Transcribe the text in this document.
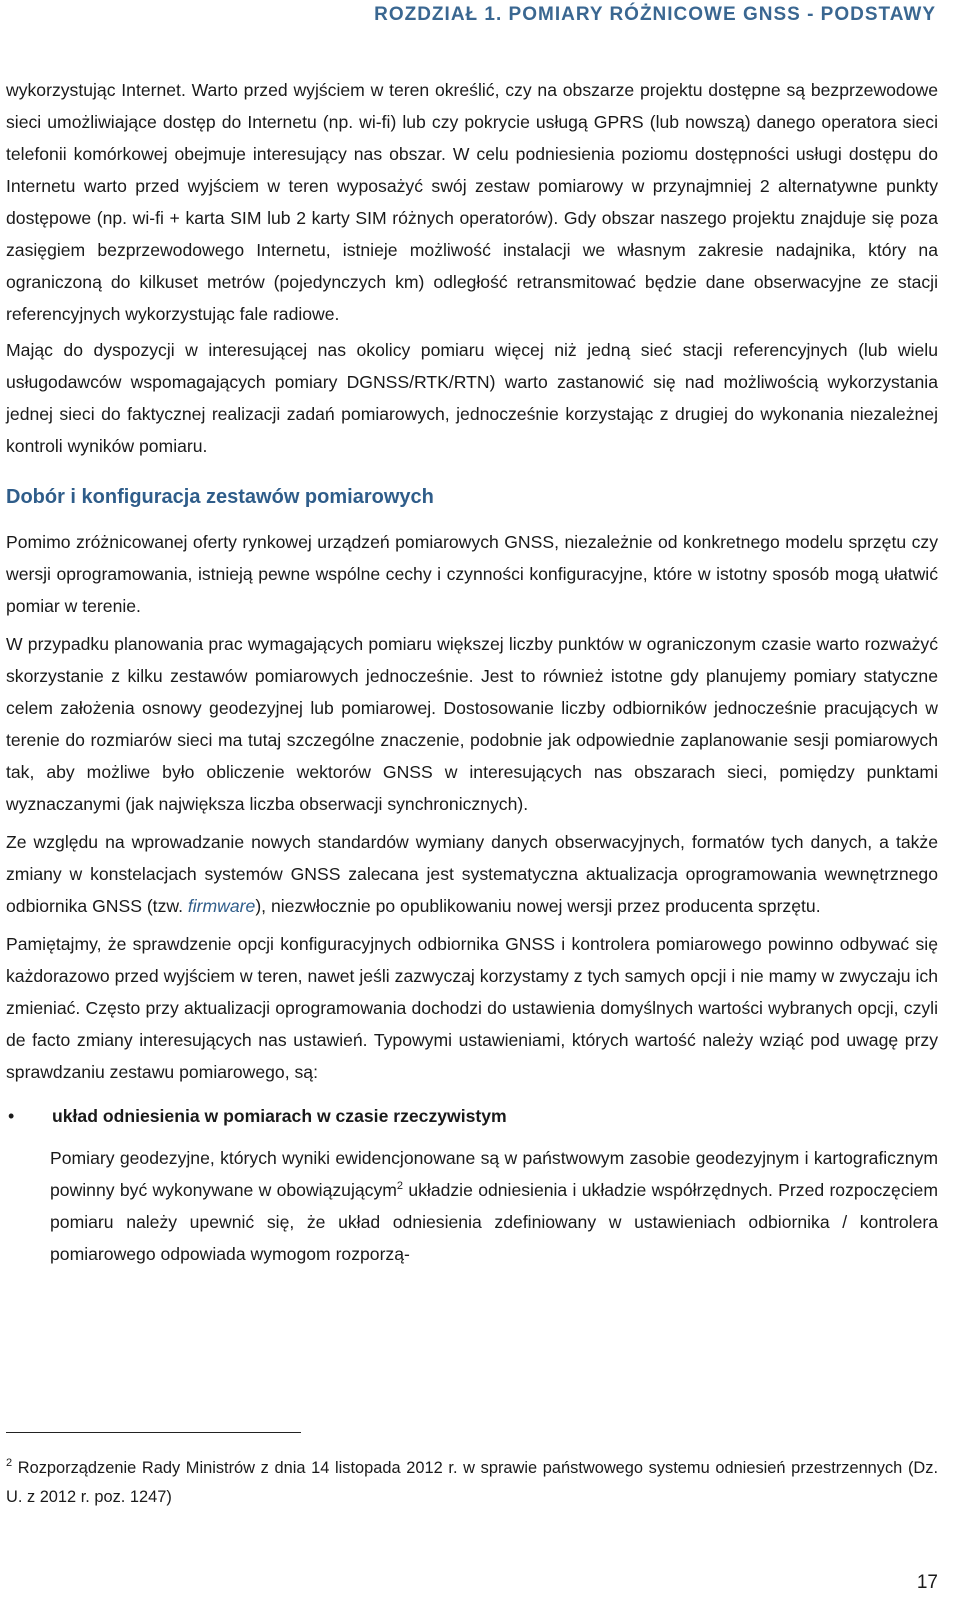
ROZDZIAŁ 1. POMIARY RÓŻNICOWE GNSS - PODSTAWY

wykorzystując Internet. Warto przed wyjściem w teren określić, czy na obszarze projektu dostępne są bezprzewodowe sieci umożliwiające dostęp do Internetu (np. wi-fi) lub czy pokrycie usługą GPRS (lub nowszą) danego operatora sieci telefonii komórkowej obejmuje interesujący nas obszar. W celu podniesienia poziomu dostępności usługi dostępu do Internetu warto przed wyjściem w teren wyposażyć swój zestaw pomiarowy w przynajmniej 2 alternatywne punkty dostępowe (np. wi-fi + karta SIM lub 2 karty SIM różnych operatorów). Gdy obszar naszego projektu znajduje się poza zasięgiem bezprzewodowego Internetu, istnieje możliwość instalacji we własnym zakresie nadajnika, który na ograniczoną do kilkuset metrów (pojedynczych km) odległość retransmitować będzie dane obserwacyjne ze stacji referencyjnych wykorzystując fale radiowe.

Mając do dyspozycji w interesującej nas okolicy pomiaru więcej niż jedną sieć stacji referencyjnych (lub wielu usługodawców wspomagających pomiary DGNSS/RTK/RTN) warto zastanowić się nad możliwością wykorzystania jednej sieci do faktycznej realizacji zadań pomiarowych, jednocześnie korzystając z drugiej do wykonania niezależnej kontroli wyników pomiaru.

Dobór i konfiguracja zestawów pomiarowych

Pomimo zróżnicowanej oferty rynkowej urządzeń pomiarowych GNSS, niezależnie od konkretnego modelu sprzętu czy wersji oprogramowania, istnieją pewne wspólne cechy i czynności konfiguracyjne, które w istotny sposób mogą ułatwić pomiar w terenie.

W przypadku planowania prac wymagających pomiaru większej liczby punktów w ograniczonym czasie warto rozważyć skorzystanie z kilku zestawów pomiarowych jednocześnie. Jest to również istotne gdy planujemy pomiary statyczne celem założenia osnowy geodezyjnej lub pomiarowej. Dostosowanie liczby odbiorników jednocześnie pracujących w terenie do rozmiarów sieci ma tutaj szczególne znaczenie, podobnie jak odpowiednie zaplanowanie sesji pomiarowych tak, aby możliwe było obliczenie wektorów GNSS w interesujących nas obszarach sieci, pomiędzy punktami wyznaczanymi (jak największa liczba obserwacji synchronicznych).

Ze względu na wprowadzanie nowych standardów wymiany danych obserwacyjnych, formatów tych danych, a także zmiany w konstelacjach systemów GNSS zalecana jest systematyczna aktualizacja oprogramowania wewnętrznego odbiornika GNSS (tzw. firmware), niezwłocznie po opublikowaniu nowej wersji przez producenta sprzętu.

Pamiętajmy, że sprawdzenie opcji konfiguracyjnych odbiornika GNSS i kontrolera pomiarowego powinno odbywać się każdorazowo przed wyjściem w teren, nawet jeśli zazwyczaj korzystamy z tych samych opcji i nie mamy w zwyczaju ich zmieniać. Często przy aktualizacji oprogramowania dochodzi do ustawienia domyślnych wartości wybranych opcji, czyli de facto zmiany interesujących nas ustawień. Typowymi ustawieniami, których wartość należy wziąć pod uwagę przy sprawdzaniu zestawu pomiarowego, są:

•	układ odniesienia w pomiarach w czasie rzeczywistym

Pomiary geodezyjne, których wyniki ewidencjonowane są w państwowym zasobie geodezyjnym i kartograficznym powinny być wykonywane w obowiązującym$^2$ układzie odniesienia i układzie współrzędnych. Przed rozpoczęciem pomiaru należy upewnić się, że układ odniesienia zdefiniowany w ustawieniach odbiornika / kontrolera pomiarowego odpowiada wymogom rozporzą-

$^2$ Rozporządzenie Rady Ministrów z dnia 14 listopada 2012 r. w sprawie państwowego systemu odniesień przestrzennych (Dz. U. z 2012 r. poz. 1247)
17
